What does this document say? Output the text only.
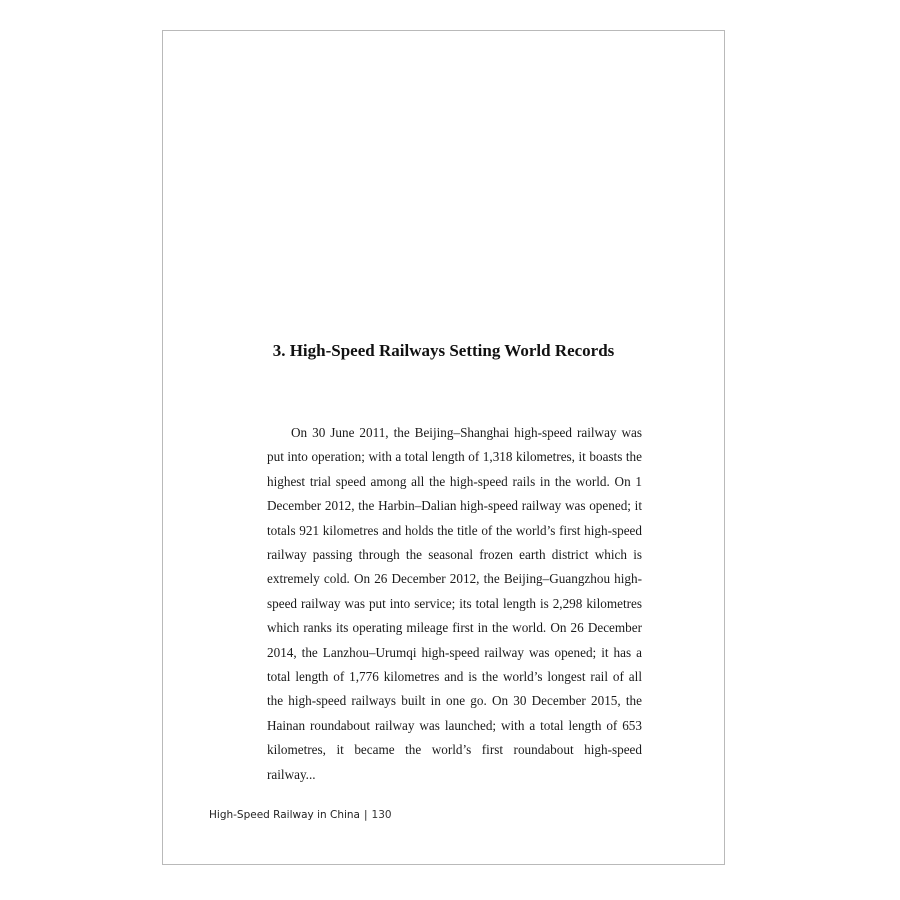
3. High-Speed Railways Setting World Records

On 30 June 2011, the Beijing–Shanghai high-speed railway was put into operation; with a total length of 1,318 kilometres, it boasts the highest trial speed among all the high-speed rails in the world. On 1 December 2012, the Harbin–Dalian high-speed railway was opened; it totals 921 kilometres and holds the title of the world’s first high-speed railway passing through the seasonal frozen earth district which is extremely cold. On 26 December 2012, the Beijing–Guangzhou high-speed railway was put into service; its total length is 2,298 kilometres which ranks its operating mileage first in the world. On 26 December 2014, the Lanzhou–Urumqi high-speed railway was opened; it has a total length of 1,776 kilometres and is the world’s longest rail of all the high-speed railways built in one go. On 30 December 2015, the Hainan roundabout railway was launched; with a total length of 653 kilometres, it became the world’s first roundabout high-speed railway...

High-Speed Railway in China | 130
